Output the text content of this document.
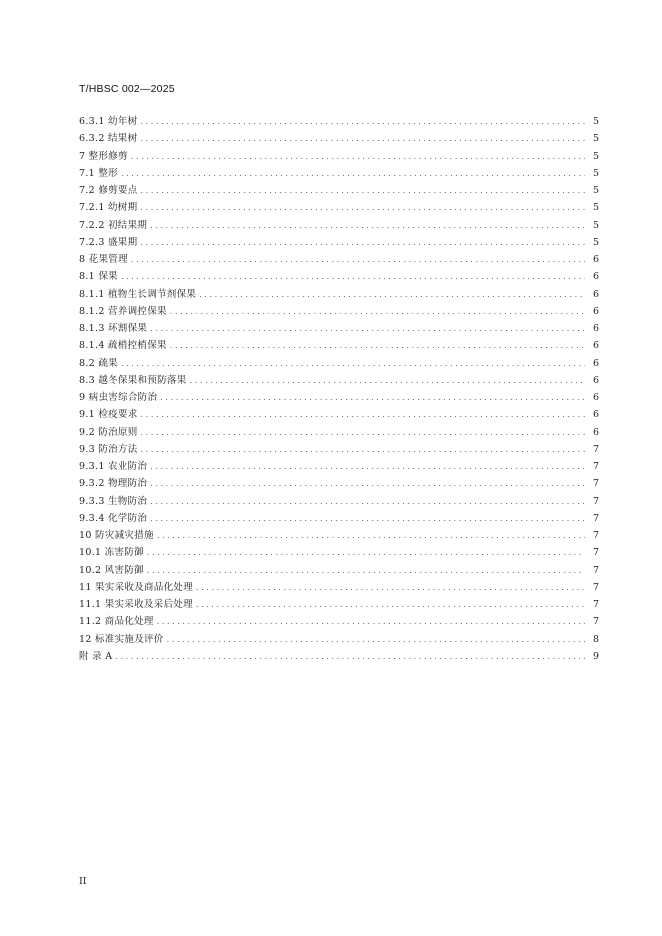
T/HBSC 002—2025
6.3.1 幼年树 .....	5
6.3.2 结果树 .....	5
7 整形修剪 .....	5
7.1 整形 .....	5
7.2 修剪要点 .....	5
7.2.1 幼树期 .....	5
7.2.2 初结果期 .....	5
7.2.3 盛果期 .....	5
8 花果管理 .....	6
8.1 保果 .....	6
8.1.1 植物生长调节剂保果 .....	6
8.1.2 营养调控保果 .....	6
8.1.3 环割保果 .....	6
8.1.4 疏梢控梢保果 .....	6
8.2 疏果 .....	6
8.3 越冬保果和预防落果 .....	6
9 病虫害综合防治 .....	6
9.1 检疫要求 .....	6
9.2 防治原则 .....	6
9.3 防治方法 .....	7
9.3.1 农业防治 .....	7
9.3.2 物理防治 .....	7
9.3.3 生物防治 .....	7
9.3.4 化学防治 .....	7
10 防灾减灾措施 .....	7
10.1 冻害防御 .....	7
10.2 风害防御 .....	7
11 果实采收及商品化处理 .....	7
11.1 果实采收及采后处理 .....	7
11.2 商品化处理 .....	7
12 标准实施及评价 .....	8
附 录 A .....	9
II
